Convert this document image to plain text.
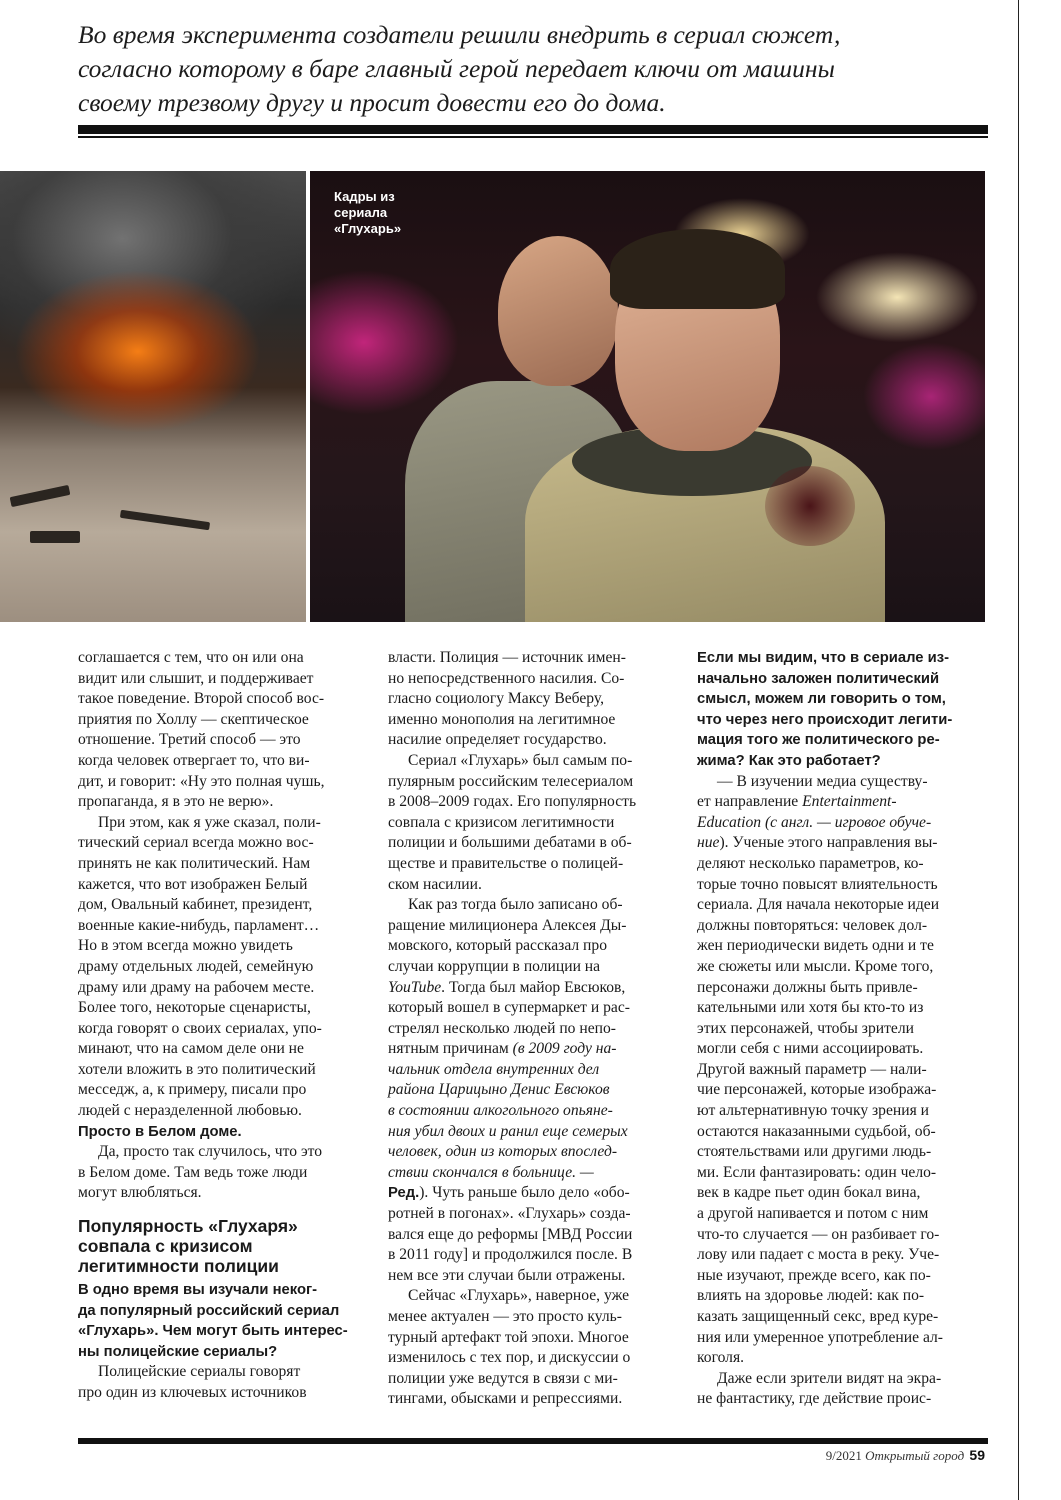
Во время эксперимента создатели решили внедрить в сериал сюжет,
согласно которому в баре главный герой передает ключи от машины
своему трезвому другу и просит довести его до дома.
Кадры из
сериала
«Глухарь»
соглашается с тем, что он или она
видит или слышит, и поддерживает
такое поведение. Второй способ вос-
приятия по Холлу — скептическое
отношение. Третий способ — это
когда человек отвергает то, что ви-
дит, и говорит: «Ну это полная чушь,
пропаганда, я в это не верю».
При этом, как я уже сказал, поли-
тический сериал всегда можно вос-
принять не как политический. Нам
кажется, что вот изображен Белый
дом, Овальный кабинет, президент,
военные какие-нибудь, парламент…
Но в этом всегда можно увидеть
драму отдельных людей, семейную
драму или драму на рабочем месте.
Более того, некоторые сценаристы,
когда говорят о своих сериалах, упо-
минают, что на самом деле они не
хотели вложить в это политический
месседж, а, к примеру, писали про
людей с неразделенной любовью.
Просто в Белом доме.
Да, просто так случилось, что это
в Белом доме. Там ведь тоже люди
могут влюбляться.
Популярность «Глухаря»
совпала с кризисом
легитимности полиции
В одно время вы изучали неког-
да популярный российский сериал
«Глухарь». Чем могут быть интерес-
ны полицейские сериалы?
Полицейские сериалы говорят
про один из ключевых источников
власти. Полиция — источник имен-
но непосредственного насилия. Со-
гласно социологу Максу Веберу,
именно монополия на легитимное
насилие определяет государство.
Сериал «Глухарь» был самым по-
пулярным российским телесериалом
в 2008–2009 годах. Его популярность
совпала с кризисом легитимности
полиции и большими дебатами в об-
ществе и правительстве о полицей-
ском насилии.
Как раз тогда было записано об-
ращение милиционера Алексея Ды-
мовского, который рассказал про
случаи коррупции в полиции на
YouTube. Тогда был майор Евсюков,
который вошел в супермаркет и рас-
стрелял несколько людей по непо-
нятным причинам (в 2009 году на-
чальник отдела внутренних дел
района Царицыно Денис Евсюков
в состоянии алкогольного опьяне-
ния убил двоих и ранил еще семерых
человек, один из которых впослед-
ствии скончался в больнице. —
Ред.). Чуть раньше было дело «обо-
ротней в погонах». «Глухарь» созда-
вался еще до реформы [МВД России
в 2011 году] и продолжился после. В
нем все эти случаи были отражены.
Сейчас «Глухарь», наверное, уже
менее актуален — это просто куль-
турный артефакт той эпохи. Многое
изменилось с тех пор, и дискуссии о
полиции уже ведутся в связи с ми-
тингами, обысками и репрессиями.
Если мы видим, что в сериале из-
начально заложен политический
смысл, можем ли говорить о том,
что через него происходит легити-
мация того же политического ре-
жима? Как это работает?
— В изучении медиа существу-
ет направление Entertainment-
Education (с англ. — игровое обуче-
ние). Ученые этого направления вы-
деляют несколько параметров, ко-
торые точно повысят влиятельность
сериала. Для начала некоторые идеи
должны повторяться: человек дол-
жен периодически видеть одни и те
же сюжеты или мысли. Кроме того,
персонажи должны быть привле-
кательными или хотя бы кто-то из
этих персонажей, чтобы зрители
могли себя с ними ассоциировать.
Другой важный параметр — нали-
чие персонажей, которые изобража-
ют альтернативную точку зрения и
остаются наказанными судьбой, об-
стоятельствами или другими людь-
ми. Если фантазировать: один чело-
век в кадре пьет один бокал вина,
а другой напивается и потом с ним
что-то случается — он разбивает го-
лову или падает с моста в реку. Уче-
ные изучают, прежде всего, как по-
влиять на здоровье людей: как по-
казать защищенный секс, вред куре-
ния или умеренное употребление ал-
коголя.
Даже если зрители видят на экра-
не фантастику, где действие проис-
9/2021 Открытый город 59
